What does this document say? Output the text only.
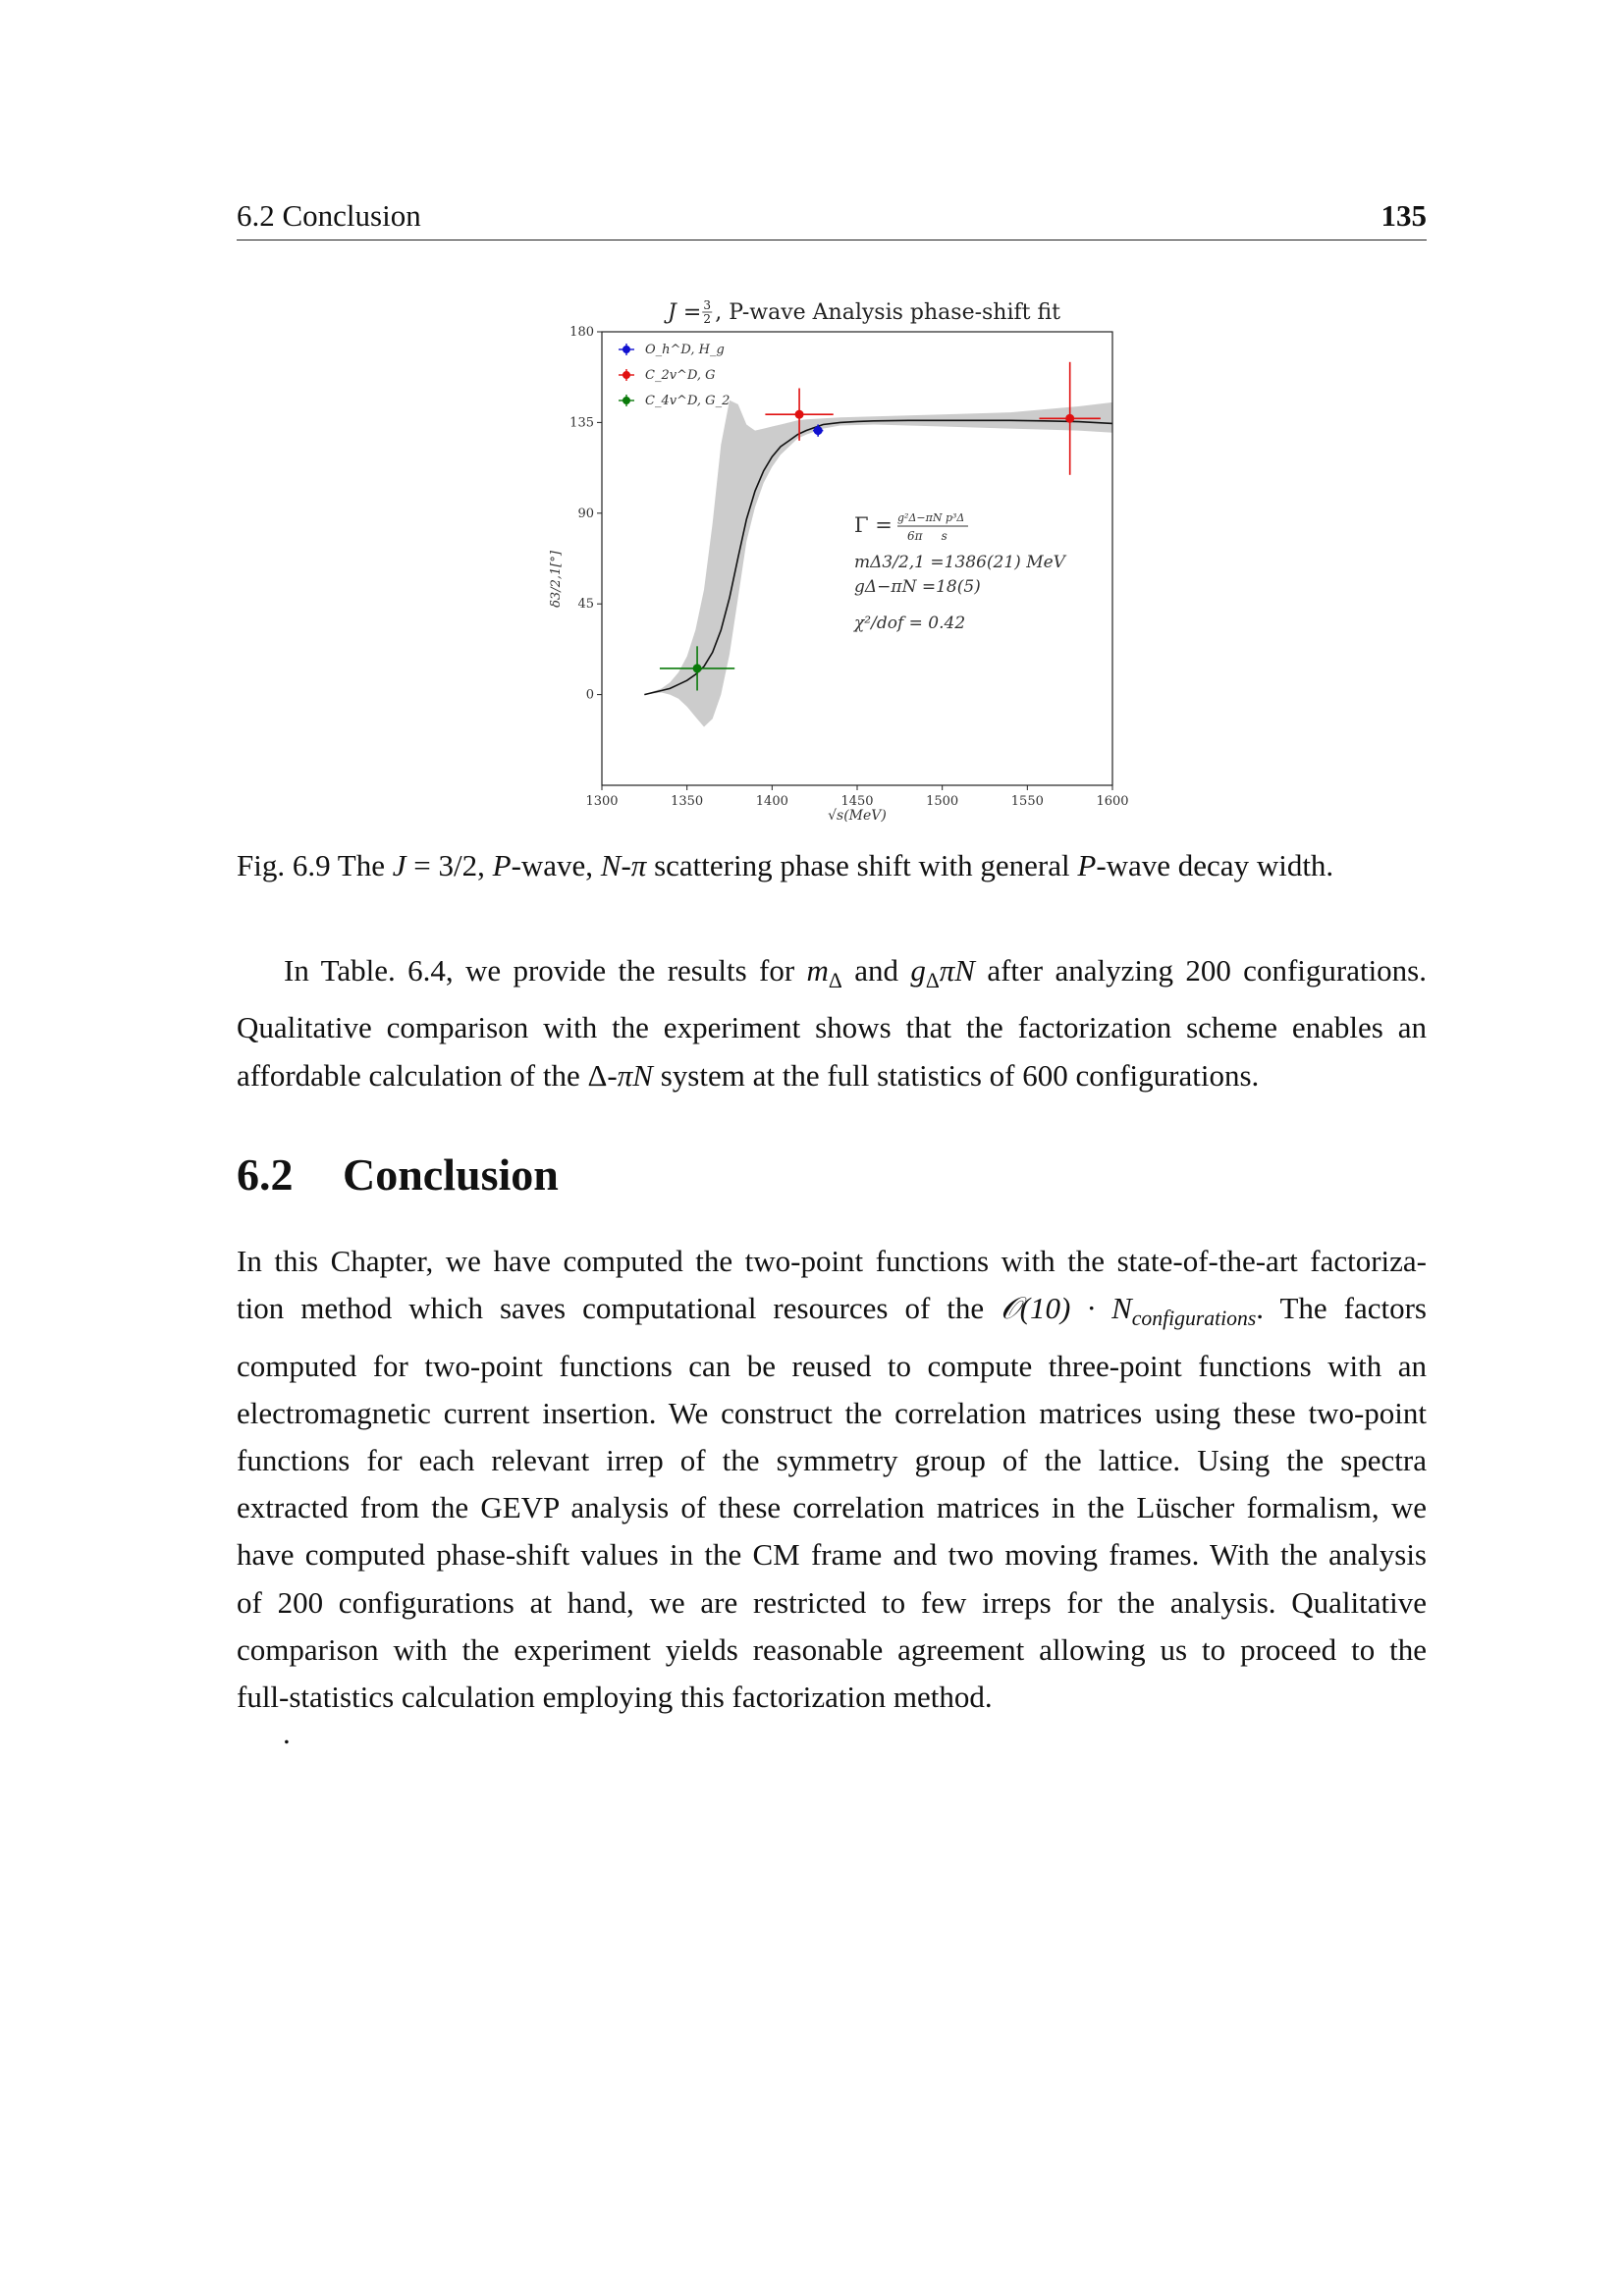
6.2 Conclusion	135
1300	1350	1400	1450	1500	1550	1600
0
45
90
135
180
J = 3
2 , P-wave Analysis phase-shift fit
√s(MeV)
δ3/2,1[°]
O_h^D, H_g
C_2v^D, G
C_4v^D, G_2
Γ = g²Δ−πN p³Δ
6π     s
mΔ3/2,1 =1386(21) MeV
gΔ−πN =18(5)
χ²/dof = 0.42
Fig. 6.9 The J = 3/2, P-wave, N-π scattering phase shift with general P-wave decay width.
In Table. 6.4, we provide the results for $m_\Delta$ and $g_\Delta\pi N$ after analyzing 200 configurations.
Qualitative comparison with the experiment shows that the factorization scheme enables an
affordable calculation of the Δ-πN system at the full statistics of 600 configurations.
6.2 Conclusion
In this Chapter, we have computed the two-point functions with the state-of-the-art factoriza-
tion method which saves computational resources of the 𝒪(10) · $N_{configurations}$. The factors
computed for two-point functions can be reused to compute three-point functions with an
electromagnetic current insertion. We construct the correlation matrices using these two-point
functions for each relevant irrep of the symmetry group of the lattice. Using the spectra
extracted from the GEVP analysis of these correlation matrices in the Lüscher formalism, we
have computed phase-shift values in the CM frame and two moving frames. With the analysis
of 200 configurations at hand, we are restricted to few irreps for the analysis. Qualitative
comparison with the experiment yields reasonable agreement allowing us to proceed to the
full-statistics calculation employing this factorization method.
.
